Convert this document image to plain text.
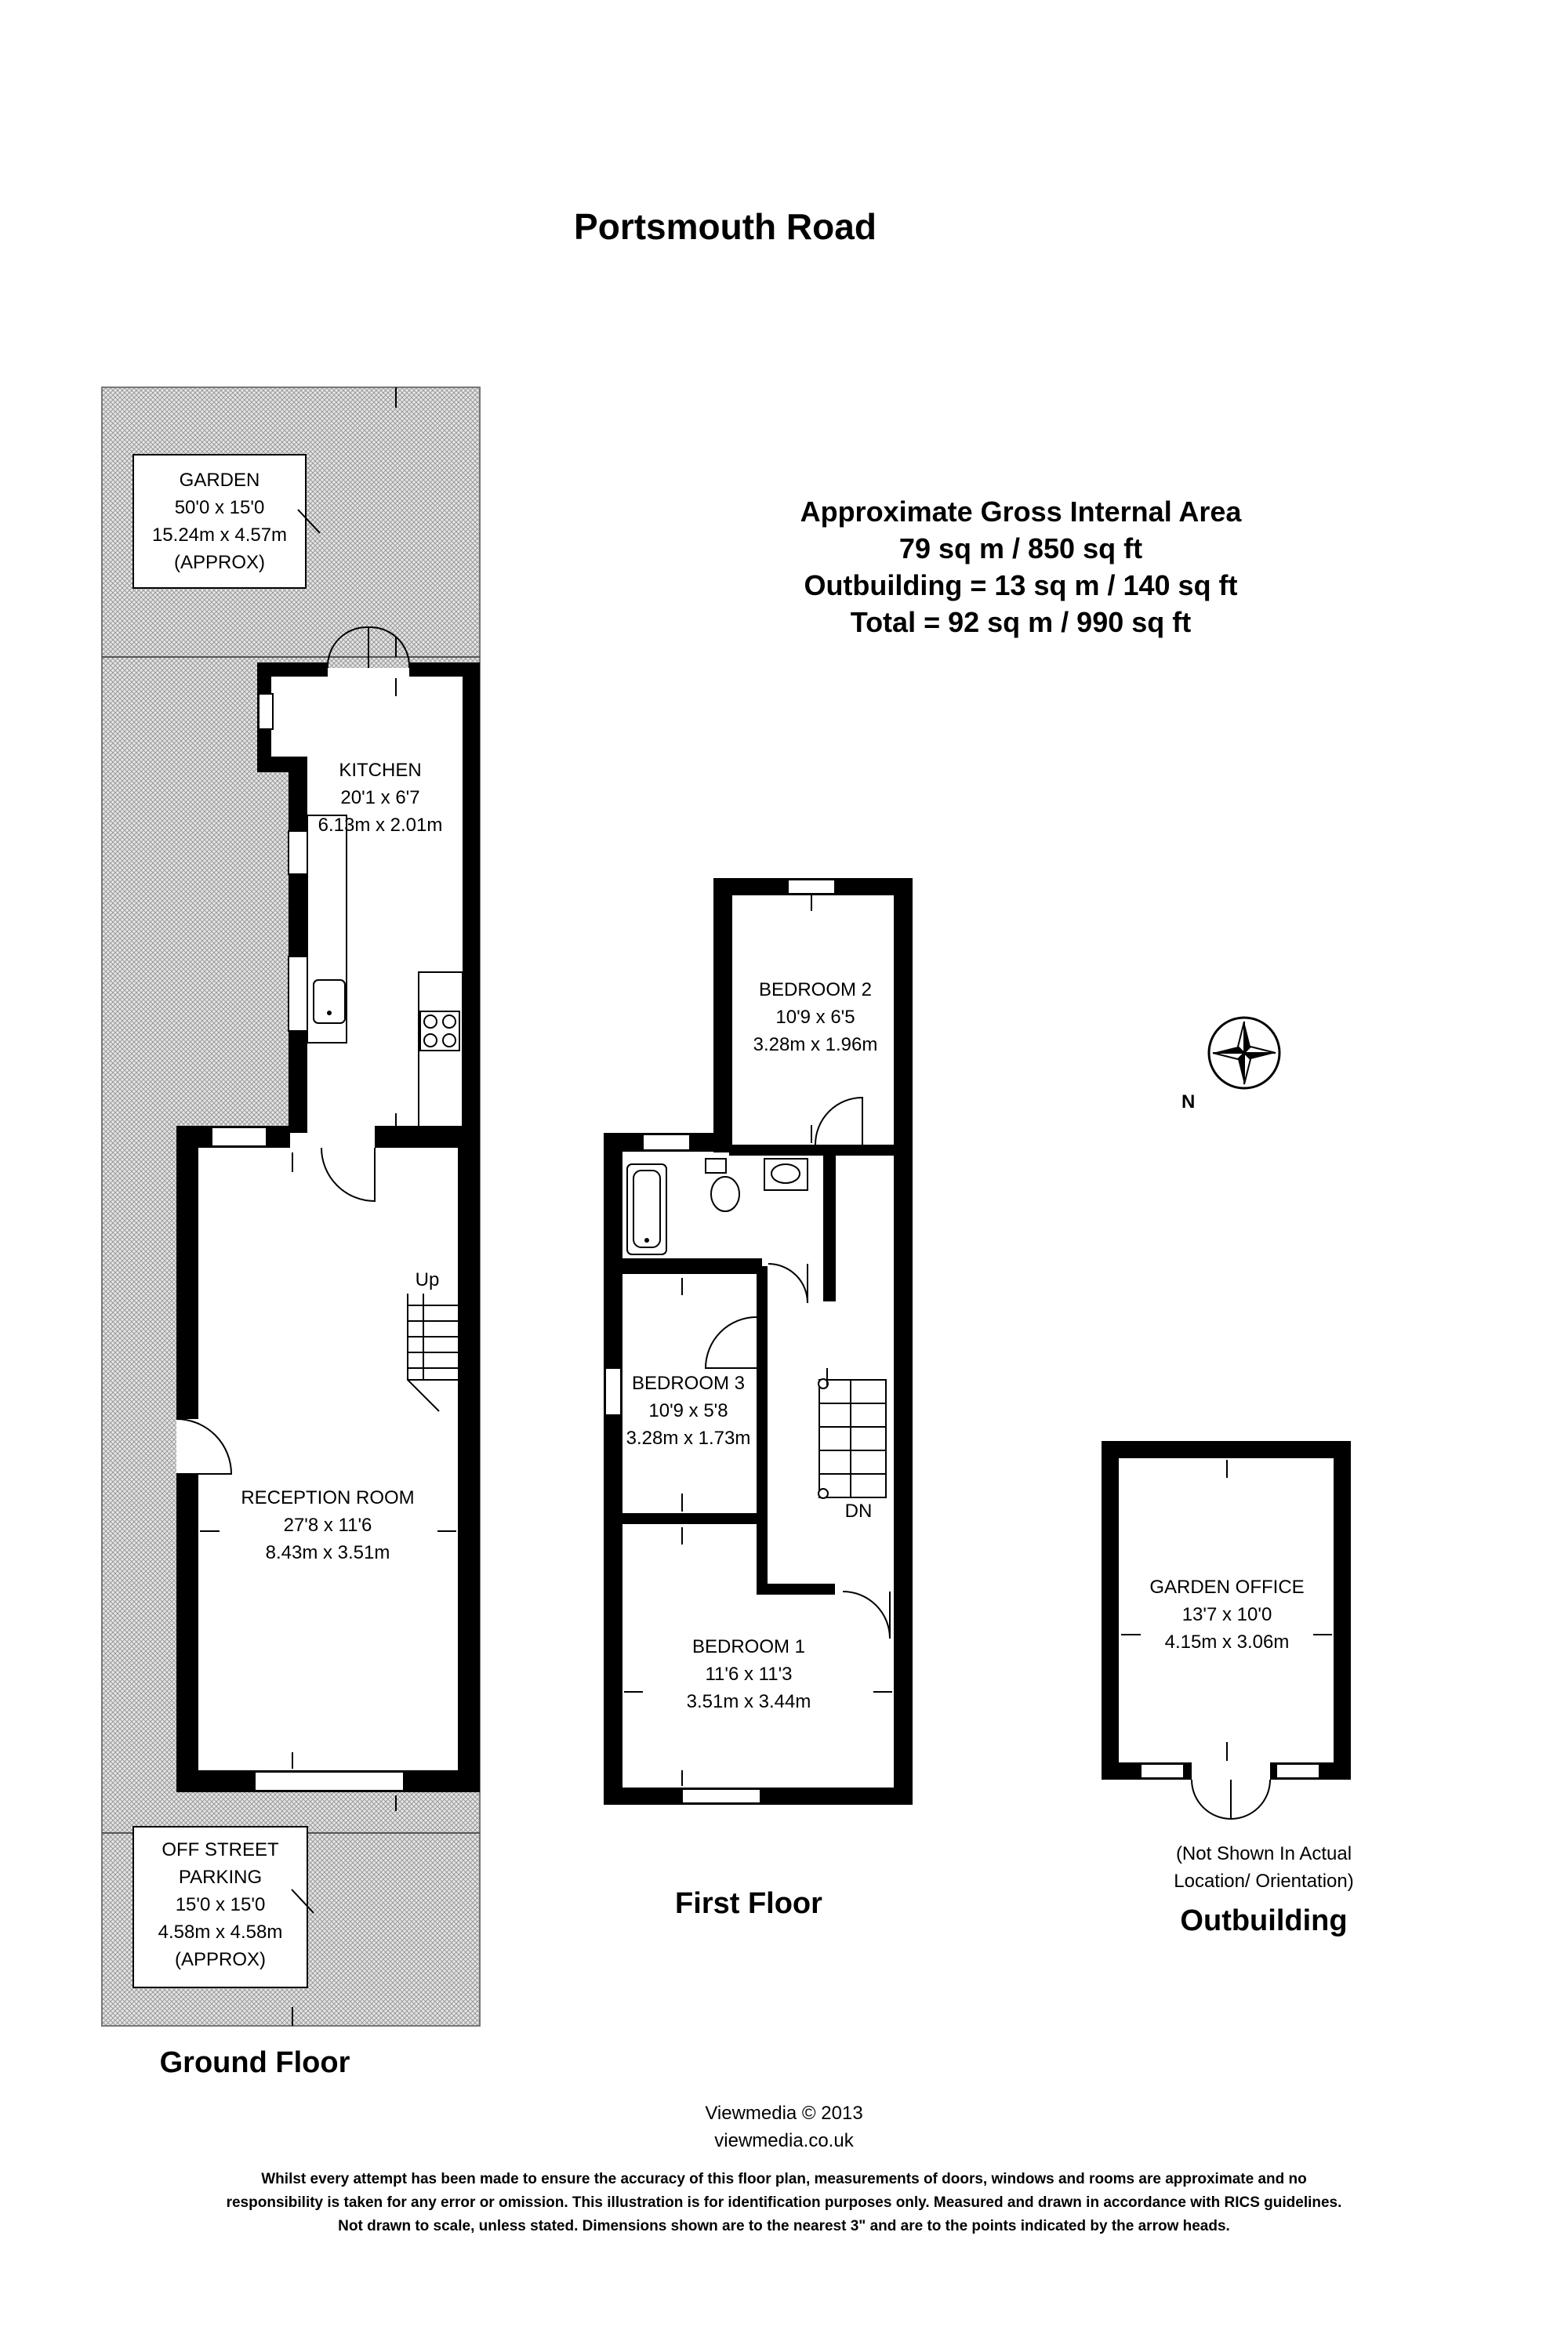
Portsmouth Road
Approximate Gross Internal Area
79 sq m / 850 sq ft
Outbuilding = 13 sq m / 140 sq ft
Total = 92 sq m / 990 sq ft
Up
GARDEN
50'0 x 15'0
15.24m x 4.57m
(APPROX)
KITCHEN
20'1 x 6'7
6.13m x 2.01m
RECEPTION ROOM
27'8 x 11'6
8.43m x 3.51m
OFF STREET
PARKING
15'0 x 15'0
4.58m x 4.58m
(APPROX)
Ground Floor
DN
BEDROOM 2
10'9 x 6'5
3.28m x 1.96m
BEDROOM 3
10'9 x 5'8
3.28m x 1.73m
BEDROOM 1
11'6 x 11'3
3.51m x 3.44m
First Floor
N
GARDEN OFFICE
13'7 x 10'0
4.15m x 3.06m
(Not Shown In Actual
Location/ Orientation)
Outbuilding
Viewmedia © 2013
viewmedia.co.uk
Whilst every attempt has been made to ensure the accuracy of this floor plan, measurements of doors, windows and rooms are approximate and no
responsibility is taken for any error or omission. This illustration is for identification purposes only. Measured and drawn in accordance with RICS guidelines.
Not drawn to scale, unless stated. Dimensions shown are to the nearest 3" and are to the points indicated by the arrow heads.
